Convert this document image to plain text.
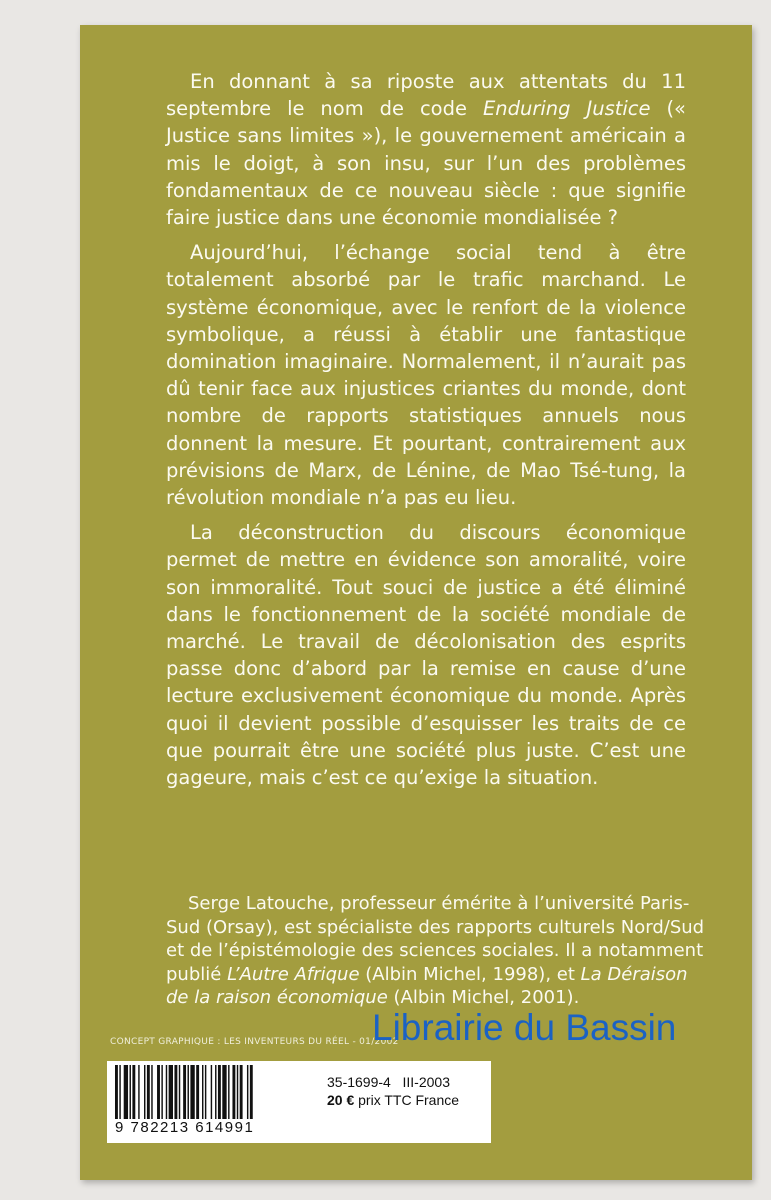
En donnant à sa riposte aux attentats du 11 septembre le nom de code Enduring Justice (« Justice sans limites »), le gouvernement américain a mis le doigt, à son insu, sur l’un des problèmes fondamentaux de ce nouveau siècle : que signifie faire justice dans une économie mondialisée ?

Aujourd’hui, l’échange social tend à être totalement absorbé par le trafic marchand. Le système économique, avec le renfort de la violence symbolique, a réussi à établir une fantastique domination imaginaire. Normalement, il n’aurait pas dû tenir face aux injustices criantes du monde, dont nombre de rapports statistiques annuels nous donnent la mesure. Et pourtant, contrairement aux prévisions de Marx, de Lénine, de Mao Tsé-tung, la révolution mondiale n’a pas eu lieu.

La déconstruction du discours économique permet de mettre en évidence son amoralité, voire son immoralité. Tout souci de justice a été éliminé dans le fonctionnement de la société mondiale de marché. Le travail de décolonisation des esprits passe donc d’abord par la remise en cause d’une lecture exclusivement économique du monde. Après quoi il devient possible d’esquisser les traits de ce que pourrait être une société plus juste. C’est une gageure, mais c’est ce qu’exige la situation.

Serge Latouche, professeur émérite à l’université Paris-Sud (Orsay), est spécialiste des rapports culturels Nord/Sud et de l’épistémologie des sciences sociales. Il a notamment publié L’Autre Afrique (Albin Michel, 1998), et La Déraison de la raison économique (Albin Michel, 2001).

CONCEPT GRAPHIQUE : LES INVENTEURS DU RÉEL - 01/2002
Librairie du Bassin
9 782213 614991
35-1699-4 III-2003
20 € prix TTC France
